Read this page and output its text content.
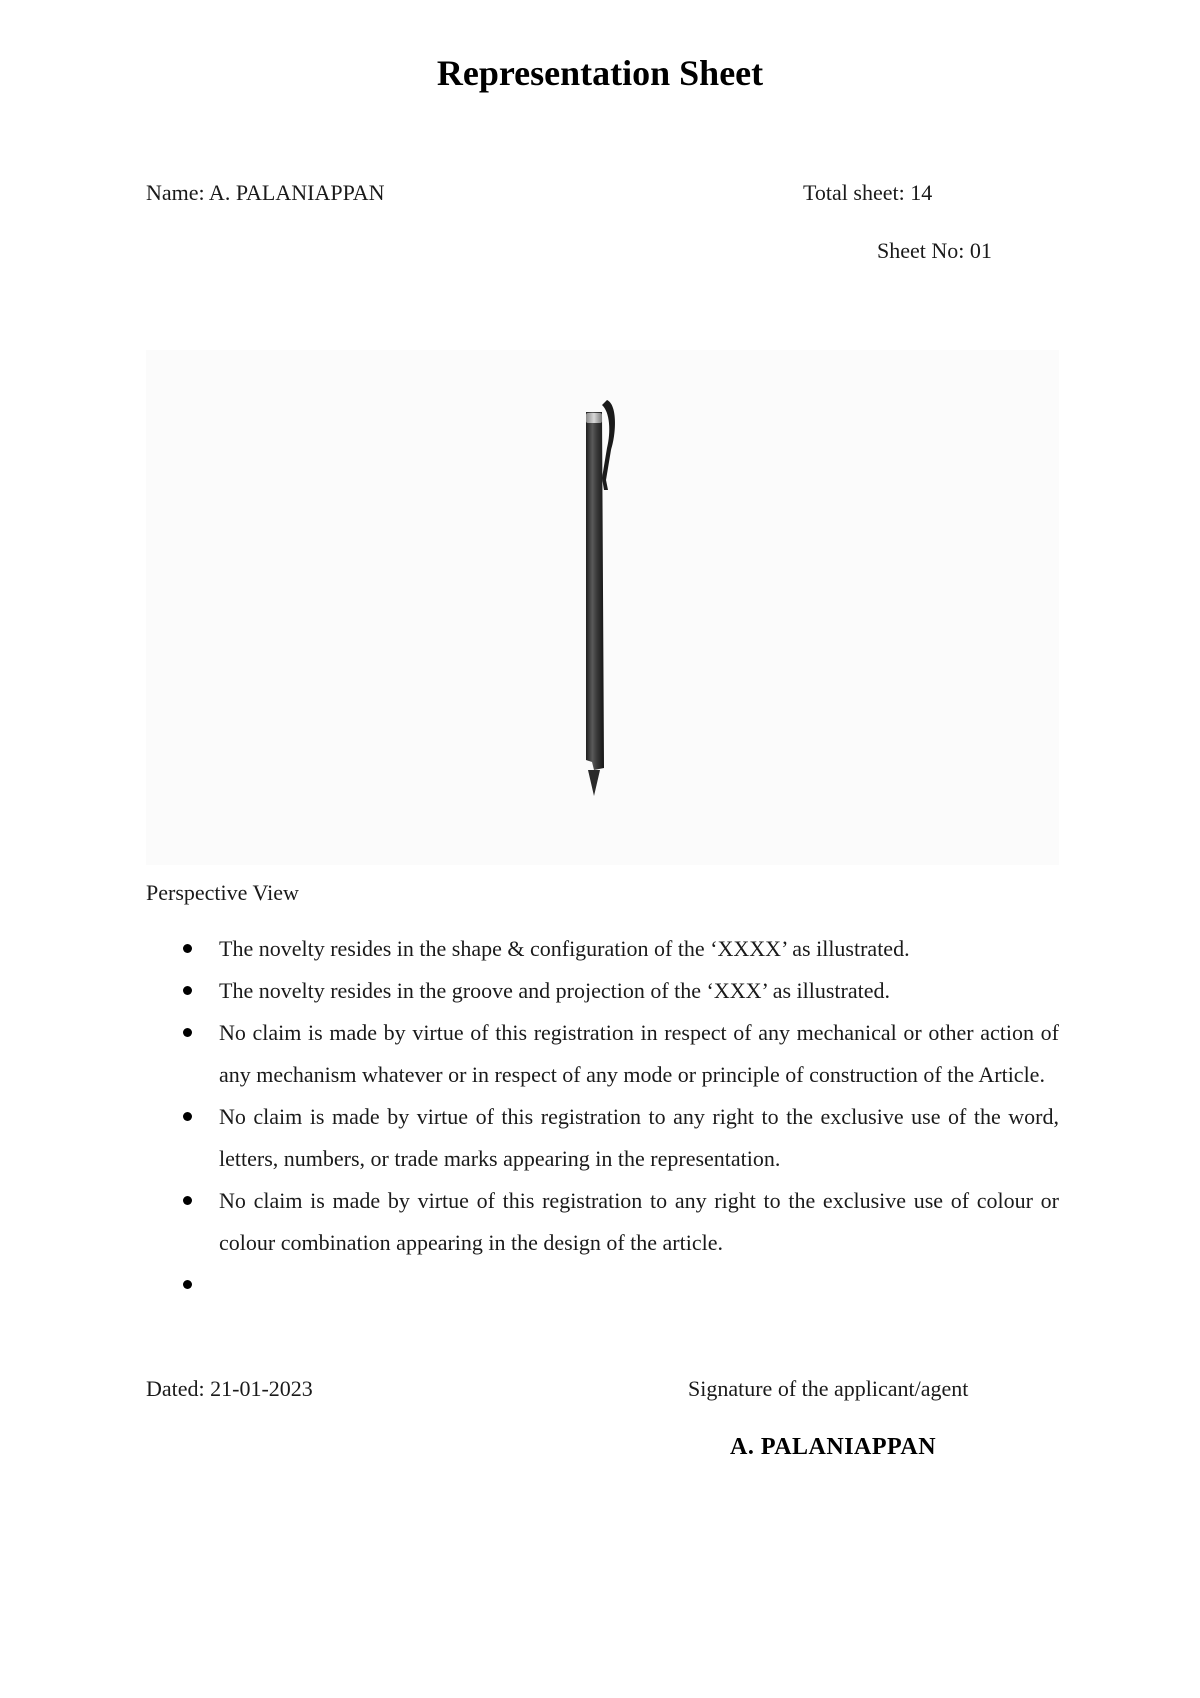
Representation Sheet
Name: A. PALANIAPPAN	Total sheet: 14
Sheet No: 01
Perspective View
The novelty resides in the shape & configuration of the ‘XXXX’ as illustrated.
The novelty resides in the groove and projection of the ‘XXX’ as illustrated.
No claim is made by virtue of this registration in respect of any mechanical or other action of any mechanism whatever or in respect of any mode or principle of construction of the Article.
No claim is made by virtue of this registration to any right to the exclusive use of the word, letters, numbers, or trade marks appearing in the representation.
No claim is made by virtue of this registration to any right to the exclusive use of colour or colour combination appearing in the design of the article.
Dated: 21-01-2023	Signature of the applicant/agent
A. PALANIAPPAN
